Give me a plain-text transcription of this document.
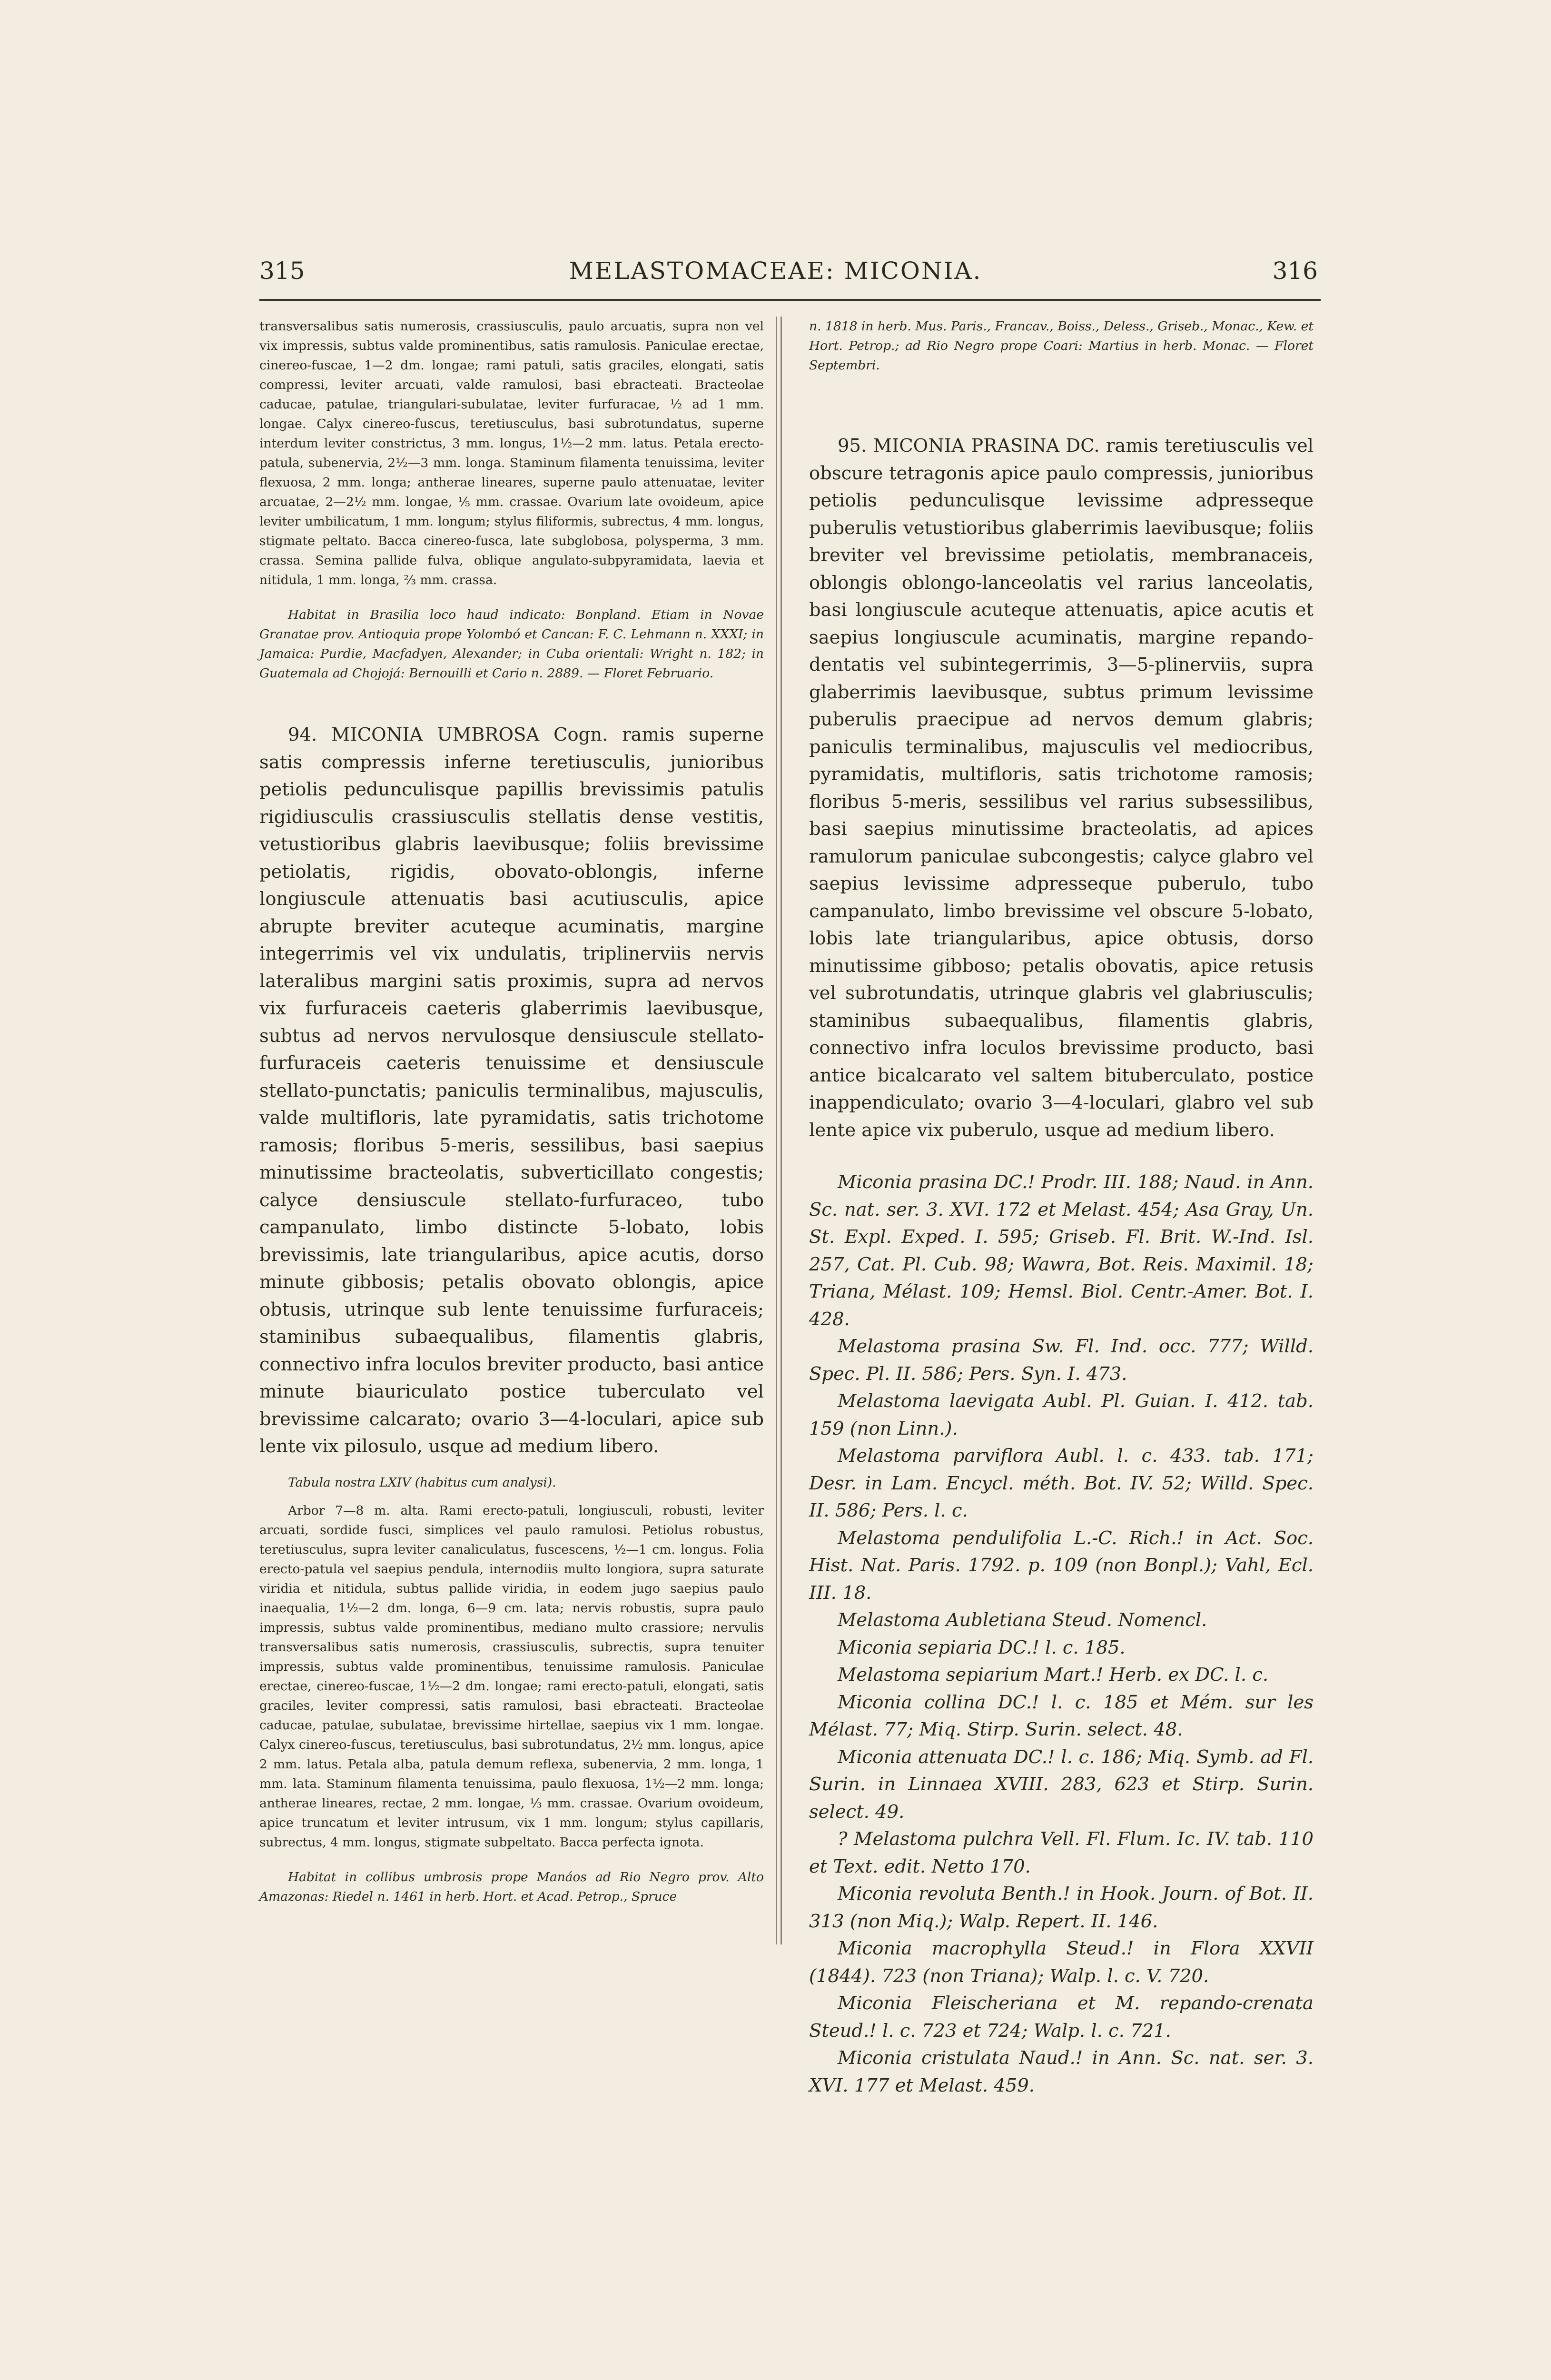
315	MELASTOMACEAE: MICONIA.	316

transversalibus satis numerosis, crassiusculis, paulo arcuatis, supra non vel vix impressis, subtus valde prominentibus, satis ramulosis. Paniculae erectae, cinereo-fuscae, 1—2 dm. longae; rami patuli, satis graciles, elongati, satis compressi, leviter arcuati, valde ramulosi, basi ebracteati. Bracteolae caducae, patulae, triangulari-subulatae, leviter furfuracae, ½ ad 1 mm. longae. Calyx cinereo-fuscus, teretiusculus, basi subrotundatus, superne interdum leviter constrictus, 3 mm. longus, 1½—2 mm. latus. Petala erecto-patula, subenervia, 2½—3 mm. longa. Staminum filamenta tenuissima, leviter flexuosa, 2 mm. longa; antherae lineares, superne paulo attenuatae, leviter arcuatae, 2—2½ mm. longae, ⅕ mm. crassae. Ovarium late ovoideum, apice leviter umbilicatum, 1 mm. longum; stylus filiformis, subrectus, 4 mm. longus, stigmate peltato. Bacca cinereo-fusca, late subglobosa, polysperma, 3 mm. crassa. Semina pallide fulva, oblique angulato-subpyramidata, laevia et nitidula, 1 mm. longa, ⅔ mm. crassa.

Habitat in Brasilia loco haud indicato: Bonpland. Etiam in Novae Granatae prov. Antioquia prope Yolombó et Cancan: F. C. Lehmann n. XXXI; in Jamaica: Purdie, Macfadyen, Alexander; in Cuba orientali: Wright n. 182; in Guatemala ad Chojojá: Bernouilli et Cario n. 2889. — Floret Februario.

94. MICONIA UMBROSA Cogn. ramis superne satis compressis inferne teretiusculis, junioribus petiolis pedunculisque papillis brevissimis patulis rigidiusculis crassiusculis stellatis dense vestitis, vetustioribus glabris laevibusque; foliis brevissime petiolatis, rigidis, obovato-oblongis, inferne longiuscule attenuatis basi acutiusculis, apice abrupte breviter acuteque acuminatis, margine integerrimis vel vix undulatis, triplinerviis nervis lateralibus margini satis proximis, supra ad nervos vix furfuraceis caeteris glaberrimis laevibusque, subtus ad nervos nervulosque densiuscule stellato-furfuraceis caeteris tenuissime et densiuscule stellato-punctatis; paniculis terminalibus, majusculis, valde multifloris, late pyramidatis, satis trichotome ramosis; floribus 5-meris, sessilibus, basi saepius minutissime bracteolatis, subverticillato congestis; calyce densiuscule stellato-furfuraceo, tubo campanulato, limbo distincte 5-lobato, lobis brevissimis, late triangularibus, apice acutis, dorso minute gibbosis; petalis obovato oblongis, apice obtusis, utrinque sub lente tenuissime furfuraceis; staminibus subaequalibus, filamentis glabris, connectivo infra loculos breviter producto, basi antice minute biauriculato postice tuberculato vel brevissime calcarato; ovario 3—4-loculari, apice sub lente vix pilosulo, usque ad medium libero.

Tabula nostra LXIV (habitus cum analysi).

Arbor 7—8 m. alta. Rami erecto-patuli, longiusculi, robusti, leviter arcuati, sordide fusci, simplices vel paulo ramulosi. Petiolus robustus, teretiusculus, supra leviter canaliculatus, fuscescens, ½—1 cm. longus. Folia erecto-patula vel saepius pendula, internodiis multo longiora, supra saturate viridia et nitidula, subtus pallide viridia, in eodem jugo saepius paulo inaequalia, 1½—2 dm. longa, 6—9 cm. lata; nervis robustis, supra paulo impressis, subtus valde prominentibus, mediano multo crassiore; nervulis transversalibus satis numerosis, crassiusculis, subrectis, supra tenuiter impressis, subtus valde prominentibus, tenuissime ramulosis. Paniculae erectae, cinereo-fuscae, 1½—2 dm. longae; rami erecto-patuli, elongati, satis graciles, leviter compressi, satis ramulosi, basi ebracteati. Bracteolae caducae, patulae, subulatae, brevissime hirtellae, saepius vix 1 mm. longae. Calyx cinereo-fuscus, teretiusculus, basi subrotundatus, 2½ mm. longus, apice 2 mm. latus. Petala alba, patula demum reflexa, subenervia, 2 mm. longa, 1 mm. lata. Staminum filamenta tenuissima, paulo flexuosa, 1½—2 mm. longa; antherae lineares, rectae, 2 mm. longae, ⅓ mm. crassae. Ovarium ovoideum, apice truncatum et leviter intrusum, vix 1 mm. longum; stylus capillaris, subrectus, 4 mm. longus, stigmate subpeltato. Bacca perfecta ignota.

Habitat in collibus umbrosis prope Manáos ad Rio Negro prov. Alto Amazonas: Riedel n. 1461 in herb. Hort. et Acad. Petrop., Spruce

n. 1818 in herb. Mus. Paris., Francav., Boiss., Deless., Griseb., Monac., Kew. et Hort. Petrop.; ad Rio Negro prope Coari: Martius in herb. Monac. — Floret Septembri.

95. MICONIA PRASINA DC. ramis teretiusculis vel obscure tetragonis apice paulo compressis, junioribus petiolis pedunculisque levissime adpresseque puberulis vetustioribus glaberrimis laevibusque; foliis breviter vel brevissime petiolatis, membranaceis, oblongis oblongo-lanceolatis vel rarius lanceolatis, basi longiuscule acuteque attenuatis, apice acutis et saepius longiuscule acuminatis, margine repando-dentatis vel subintegerrimis, 3—5-plinerviis, supra glaberrimis laevibusque, subtus primum levissime puberulis praecipue ad nervos demum glabris; paniculis terminalibus, majusculis vel mediocribus, pyramidatis, multifloris, satis trichotome ramosis; floribus 5-meris, sessilibus vel rarius subsessilibus, basi saepius minutissime bracteolatis, ad apices ramulorum paniculae subcongestis; calyce glabro vel saepius levissime adpresseque puberulo, tubo campanulato, limbo brevissime vel obscure 5-lobato, lobis late triangularibus, apice obtusis, dorso minutissime gibboso; petalis obovatis, apice retusis vel subrotundatis, utrinque glabris vel glabriusculis; staminibus subaequalibus, filamentis glabris, connectivo infra loculos brevissime producto, basi antice bicalcarato vel saltem bituberculato, postice inappendiculato; ovario 3—4-loculari, glabro vel sub lente apice vix puberulo, usque ad medium libero.

Miconia prasina DC.! Prodr. III. 188; Naud. in Ann. Sc. nat. ser. 3. XVI. 172 et Melast. 454; Asa Gray, Un. St. Expl. Exped. I. 595; Griseb. Fl. Brit. W.-Ind. Isl. 257, Cat. Pl. Cub. 98; Wawra, Bot. Reis. Maximil. 18; Triana, Mélast. 109; Hemsl. Biol. Centr.-Amer. Bot. I. 428.

Melastoma prasina Sw. Fl. Ind. occ. 777; Willd. Spec. Pl. II. 586; Pers. Syn. I. 473.

Melastoma laevigata Aubl. Pl. Guian. I. 412. tab. 159 (non Linn.).

Melastoma parviflora Aubl. l. c. 433. tab. 171; Desr. in Lam. Encycl. méth. Bot. IV. 52; Willd. Spec. II. 586; Pers. l. c.

Melastoma pendulifolia L.-C. Rich.! in Act. Soc. Hist. Nat. Paris. 1792. p. 109 (non Bonpl.); Vahl, Ecl. III. 18.

Melastoma Aubletiana Steud. Nomencl.

Miconia sepiaria DC.! l. c. 185.

Melastoma sepiarium Mart.! Herb. ex DC. l. c.

Miconia collina DC.! l. c. 185 et Mém. sur les Mélast. 77; Miq. Stirp. Surin. select. 48.

Miconia attenuata DC.! l. c. 186; Miq. Symb. ad Fl. Surin. in Linnaea XVIII. 283, 623 et Stirp. Surin. select. 49.

? Melastoma pulchra Vell. Fl. Flum. Ic. IV. tab. 110 et Text. edit. Netto 170.

Miconia revoluta Benth.! in Hook. Journ. of Bot. II. 313 (non Miq.); Walp. Repert. II. 146.

Miconia macrophylla Steud.! in Flora XXVII (1844). 723 (non Triana); Walp. l. c. V. 720.

Miconia Fleischeriana et M. repando-crenata Steud.! l. c. 723 et 724; Walp. l. c. 721.

Miconia cristulata Naud.! in Ann. Sc. nat. ser. 3. XVI. 177 et Melast. 459.
